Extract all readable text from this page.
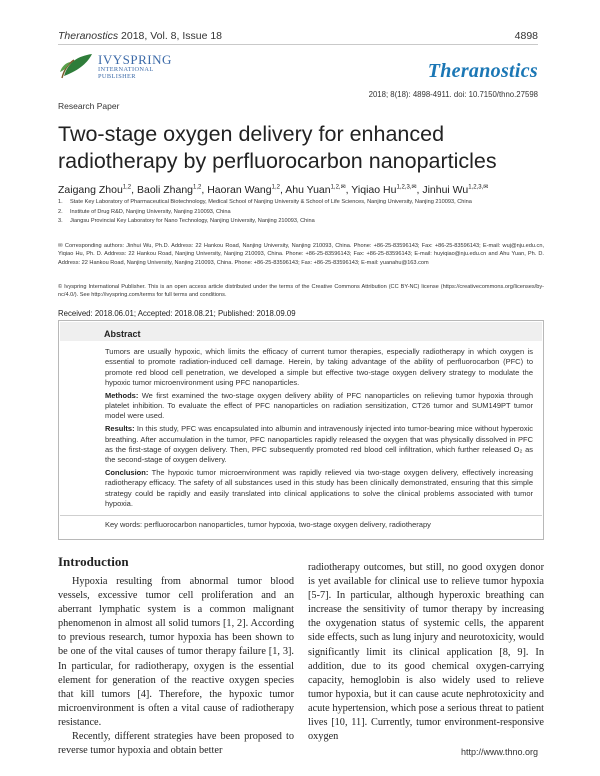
Theranostics 2018, Vol. 8, Issue 18	4898
IVYSPRING
INTERNATIONAL PUBLISHER	Theranostics
2018; 8(18): 4898-4911. doi: 10.7150/thno.27598
Research Paper
Two-stage oxygen delivery for enhanced radiotherapy by perfluorocarbon nanoparticles
Zaigang Zhou$^{1,2}$, Baoli Zhang$^{1,2}$, Haoran Wang$^{1,2}$, Ahu Yuan$^{1,2,✉}$, Yiqiao $Hu^{1,2,3,✉}$, Jinhui $Wu^{1,2,3,✉}$
1. State Key Laboratory of Pharmaceutical Biotechnology, Medical School of Nanjing University & School of Life Sciences, Nanjing University, Nanjing 210093, China
2. Institute of Drug R&D, Nanjing University, Nanjing 210093, China
3. Jiangsu Provincial Key Laboratory for Nano Technology, Nanjing University, Nanjing 210093, China
✉ Corresponding authors: Jinhui Wu, Ph.D. Address: 22 Hankou Road, Nanjing University, Nanjing 210093, China. Phone: +86-25-83596143; Fax: +86-25-83596143; E-mail: wuj@nju.edu.cn, Yiqiao Hu, Ph. D. Address: 22 Hankou Road, Nanjing University, Nanjing 210093, China. Phone: +86-25-83596143; Fax: +86-25-83596143; E-mail: huyiqiao@nju.edu.cn and Ahu Yuan, Ph. D. Address: 22 Hankou Road, Nanjing University, Nanjing 210093, China. Phone: +86-25-83596143; Fax: +86-25-83596143; E-mail: yuanahu@163.com
© Ivyspring International Publisher. This is an open access article distributed under the terms of the Creative Commons Attribution (CC BY-NC) license (https://creativecommons.org/licenses/by-nc/4.0/). See http://ivyspring.com/terms for full terms and conditions.
Received: 2018.06.01; Accepted: 2018.08.21; Published: 2018.09.09
Abstract

Tumors are usually hypoxic, which limits the efficacy of current tumor therapies, especially radiotherapy in which oxygen is essential to promote radiation-induced cell damage. Herein, by taking advantage of the ability of perfluorocarbon (PFC) to promote red blood cell penetration, we developed a simple but effective two-stage oxygen delivery strategy to modulate the hypoxic tumor microenvironment using PFC nanoparticles.

Methods: We first examined the two-stage oxygen delivery ability of PFC nanoparticles on relieving tumor hypoxia through platelet inhibition. To evaluate the effect of PFC nanoparticles on radiation sensitization, CT26 tumor and SUM149PT tumor model were used.

Results: In this study, PFC was encapsulated into albumin and intravenously injected into tumor-bearing mice without hyperoxic breathing. After accumulation in the tumor, PFC nanoparticles rapidly released the oxygen that was physically dissolved in PFC as the first-stage of oxygen delivery. Then, PFC subsequently promoted red blood cell infiltration, which further released O₂ as the second-stage of oxygen delivery.

Conclusion: The hypoxic tumor microenvironment was rapidly relieved via two-stage oxygen delivery, effectively increasing radiotherapy efficacy. The safety of all substances used in this study has been clinically demonstrated, ensuring that this simple strategy could be rapidly and easily translated into clinical applications to solve the clinical problems associated with tumor hypoxia.

Key words: perfluorocarbon nanoparticles, tumor hypoxia, two-stage oxygen delivery, radiotherapy
Introduction

Hypoxia resulting from abnormal tumor blood vessels, excessive tumor cell proliferation and an aberrant lymphatic system is a common malignant phenomenon in almost all solid tumors [1, 2]. According to previous research, tumor hypoxia has been shown to be one of the vital causes of tumor therapy failure [1, 3]. In particular, for radiotherapy, oxygen is the essential element for generation of the reactive oxygen species that kill tumors [4]. Therefore, the hypoxic tumor microenvironment is often a vital cause of radiotherapy resistance.

Recently, different strategies have been proposed to reverse tumor hypoxia and obtain better

radiotherapy outcomes, but still, no good oxygen donor is yet available for clinical use to relieve tumor hypoxia [5-7]. In particular, although hyperoxic breathing can increase the sensitivity of tumor therapy by increasing the oxygenation status of systemic cells, the apparent side effects, such as lung injury and neurotoxicity, would significantly limit its clinical application [8, 9]. In addition, due to its good chemical oxygen-carrying capacity, hemoglobin is also widely used to relieve tumor hypoxia, but it can cause acute nephrotoxicity and acute hypertension, which pose a serious threat to patient lives [10, 11]. Currently, tumor environment-responsive oxygen

http://www.thno.org
